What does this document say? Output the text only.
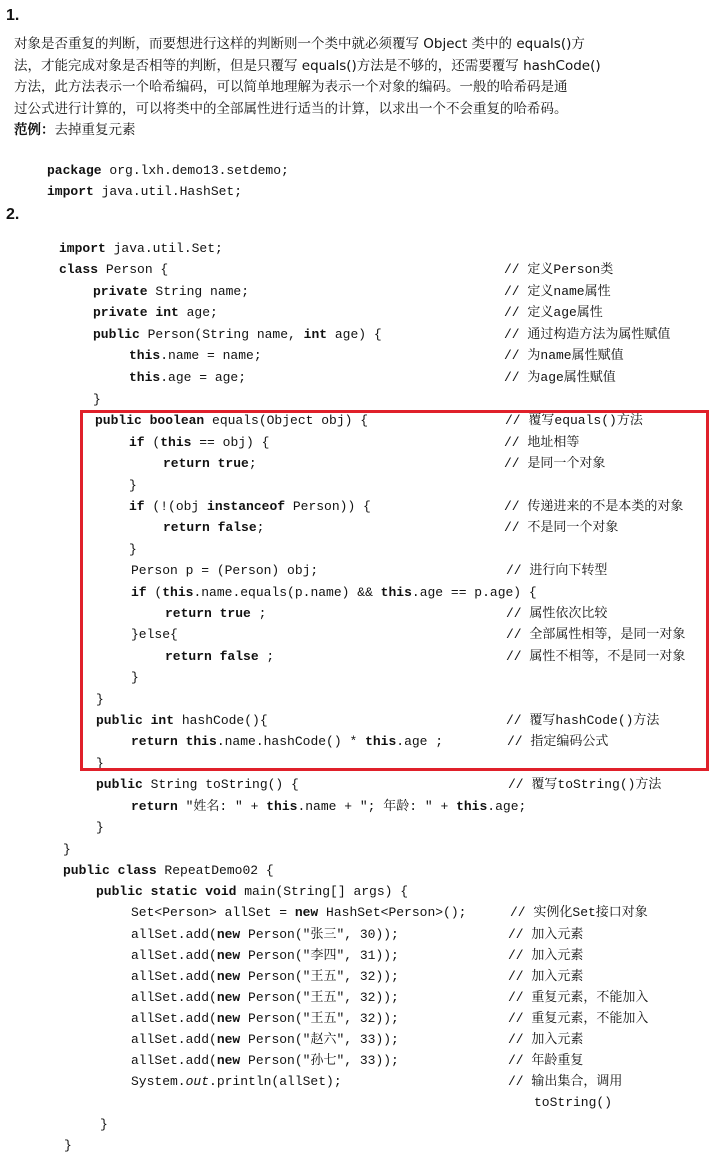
1.
对象是否重复的判断，而要想进行这样的判断则一个类中就必须覆写 Object 类中的 equals()方
法，才能完成对象是否相等的判断，但是只覆写 equals()方法是不够的，还需要覆写 hashCode()
方法，此方法表示一个哈希编码，可以简单地理解为表示一个对象的编码。一般的哈希码是通
过公式进行计算的，可以将类中的全部属性进行适当的计算，以求出一个不会重复的哈希码。
范例：去掉重复元素
2.
package org.lxh.demo13.setdemo;
import java.util.HashSet;
import java.util.Set;
class Person {
private String name;
private int age;
public Person(String name, int age) {
this.name = name;
this.age = age;
}
public boolean equals(Object obj) {
if (this == obj) {
return true;
}
if (!(obj instanceof Person)) {
return false;
}
Person p = (Person) obj;
if (this.name.equals(p.name) && this.age == p.age) {
return true ;
}else{
return false ;
}
}
public int hashCode(){
return this.name.hashCode() * this.age ;
}
public String toString() {
return "姓名: " + this.name + "; 年龄: " + this.age;
}
}
public class RepeatDemo02 {
public static void main(String[] args) {
Set<Person> allSet = new HashSet<Person>();
allSet.add(new Person("张三", 30));
allSet.add(new Person("李四", 31));
allSet.add(new Person("王五", 32));
allSet.add(new Person("王五", 32));
allSet.add(new Person("王五", 32));
allSet.add(new Person("赵六", 33));
allSet.add(new Person("孙七", 33));
System.out.println(allSet);
}
}
// 定义Person类
// 定义name属性
// 定义age属性
// 通过构造方法为属性赋值
// 为name属性赋值
// 为age属性赋值
// 覆写equals()方法
// 地址相等
// 是同一个对象
// 传递进来的不是本类的对象
// 不是同一个对象
// 进行向下转型
// 属性依次比较
// 全部属性相等，是同一对象
// 属性不相等，不是同一对象
// 覆写hashCode()方法
// 指定编码公式
// 覆写toString()方法
// 实例化Set接口对象
// 加入元素
// 加入元素
// 加入元素
// 重复元素，不能加入
// 重复元素，不能加入
// 加入元素
// 年龄重复
// 输出集合，调用
toString()
